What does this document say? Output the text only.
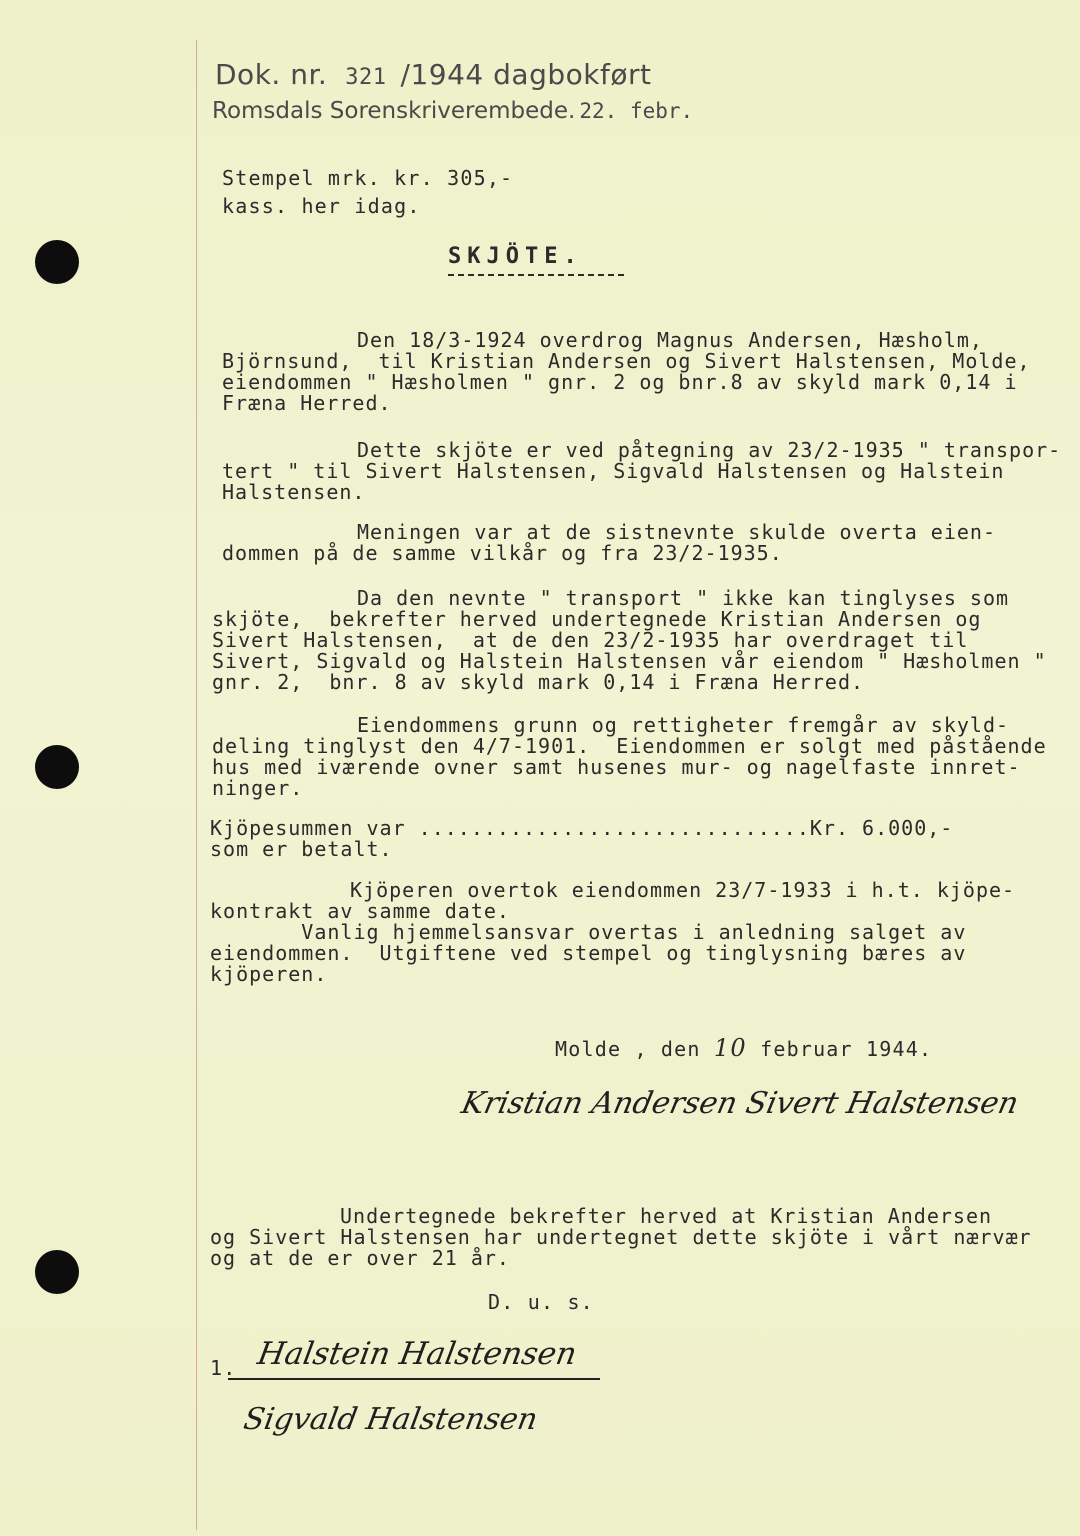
Dok. nr. 321 /1944 dagbokført
Romsdals Sorenskriverembede. 22. febr.
Stempel mrk. kr. 305,-
kass. her idag.
SKJÖTE.

Den 18/3-1924 overdrog Magnus Andersen, Hæsholm,
Björnsund,  til Kristian Andersen og Sivert Halstensen, Molde,
eiendommen " Hæsholmen " gnr. 2 og bnr.8 av skyld mark 0,14 i
Fræna Herred.

Dette skjöte er ved påtegning av 23/2-1935 " transpor-
tert " til Sivert Halstensen, Sigvald Halstensen og Halstein
Halstensen.

Meningen var at de sistnevnte skulde overta eien-
dommen på de samme vilkår og fra 23/2-1935.

Da den nevnte " transport " ikke kan tinglyses som
skjöte,  bekrefter herved undertegnede Kristian Andersen og
Sivert Halstensen,  at de den 23/2-1935 har overdraget til
Sivert, Sigvald og Halstein Halstensen vår eiendom " Hæsholmen "
gnr. 2,  bnr. 8 av skyld mark 0,14 i Fræna Herred.

Eiendommens grunn og rettigheter fremgår av skyld-
deling tinglyst den 4/7-1901.  Eiendommen er solgt med påstående
hus med iværende ovner samt husenes mur- og nagelfaste innret-
ninger.

Kjöpesummen var ..............................Kr. 6.000,-
som er betalt.

Kjöperen overtok eiendommen 23/7-1933 i h.t. kjöpe-
kontrakt av samme date.
Vanlig hjemmelsansvar overtas i anledning salget av
eiendommen.  Utgiftene ved stempel og tinglysning bæres av
kjöperen.

Molde , den 10 februar 1944.
Kristian Andersen Sivert Halstensen

Undertegnede bekrefter herved at Kristian Andersen
og Sivert Halstensen har undertegnet dette skjöte i vårt nærvær
og at de er over 21 år.

D. u. s.
1. Halstein Halstensen
Sigvald Halstensen
